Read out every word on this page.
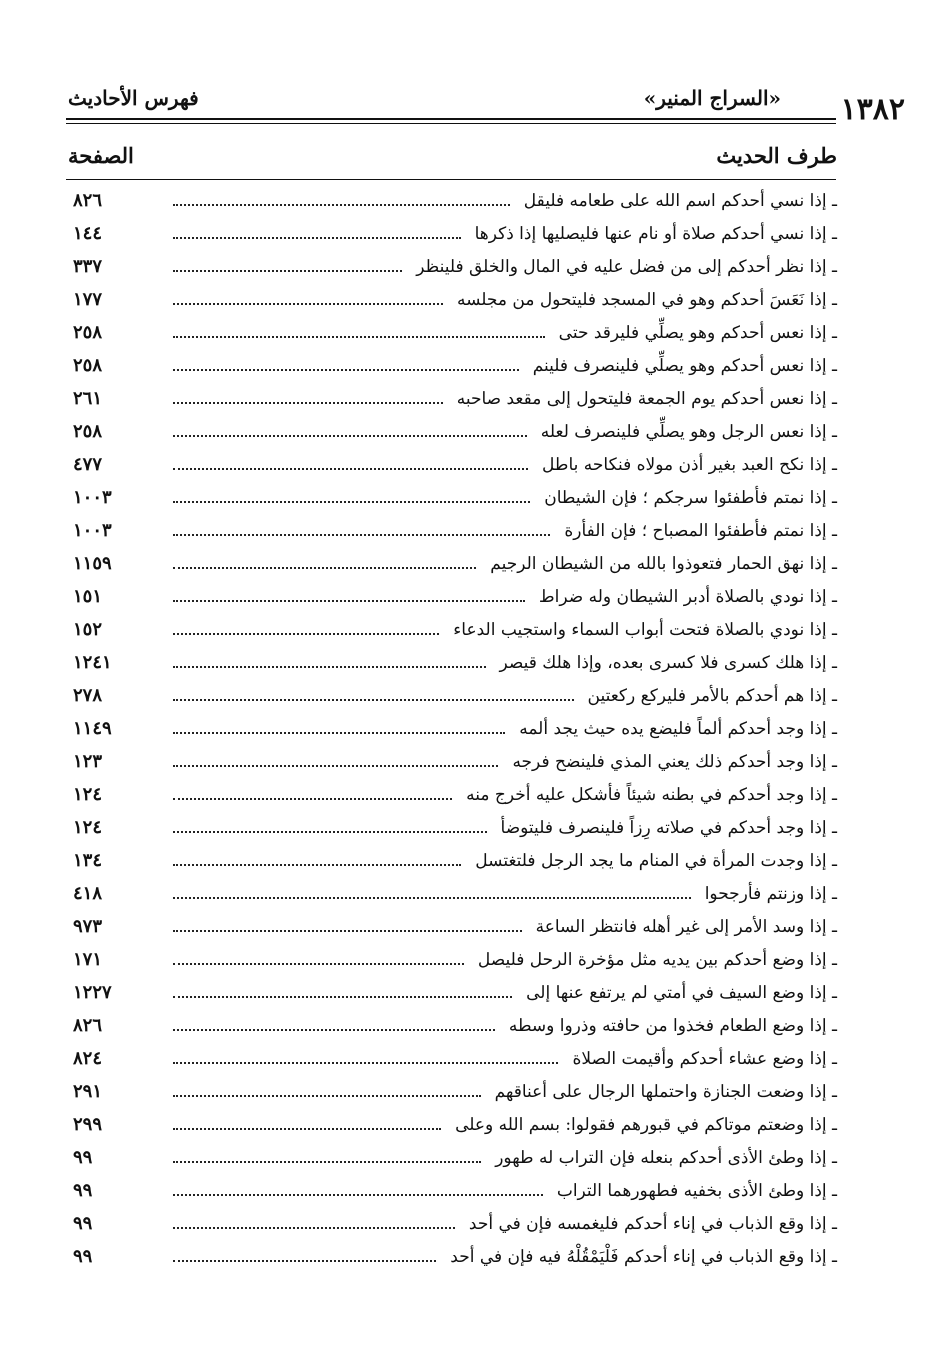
١٣٨٢
«السراج المنير»
فهرس الأحاديث
طرف الحديث
الصفحة
ـ إذا نسي أحدكم اسم الله على طعامه فليقل
٨٢٦
ـ إذا نسي أحدكم صلاة أو نام عنها فليصليها إذا ذكرها
١٤٤
ـ إذا نظر أحدكم إلى من فضل عليه في المال والخلق فلينظر
٣٣٧
ـ إذا نَعَسَ أحدكم وهو في المسجد فليتحول من مجلسه
١٧٧
ـ إذا نعس أحدكم وهو يصلِّي فليرقد حتى
٢٥٨
ـ إذا نعس أحدكم وهو يصلِّي فلينصرف فلينم
٢٥٨
ـ إذا نعس أحدكم يوم الجمعة فليتحول إلى مقعد صاحبه
٢٦١
ـ إذا نعس الرجل وهو يصلِّي فلينصرف لعله
٢٥٨
ـ إذا نكح العبد بغير أذن مولاه فنكاحه باطل
٤٧٧
ـ إذا نمتم فأطفئوا سرجكم ؛ فإن الشيطان
١٠٠٣
ـ إذا نمتم فأطفئوا المصباح ؛ فإن الفأرة
١٠٠٣
ـ إذا نهق الحمار فتعوذوا بالله من الشيطان الرجيم
١١٥٩
ـ إذا نودي بالصلاة أدبر الشيطان وله ضراط
١٥١
ـ إذا نودي بالصلاة فتحت أبواب السماء واستجيب الدعاء
١٥٢
ـ إذا هلك كسرى فلا كسرى بعده، وإذا هلك قيصر
١٢٤١
ـ إذا هم أحدكم بالأمر فليركع ركعتين
٢٧٨
ـ إذا وجد أحدكم ألماً فليضع يده حيث يجد ألمه
١١٤٩
ـ إذا وجد أحدكم ذلك يعني المذي فلينضح فرجه
١٢٣
ـ إذا وجد أحدكم في بطنه شيئاً فأشكل عليه أخرج منه
١٢٤
ـ إذا وجد أحدكم في صلاته رِزاً فلينصرف فليتوضأ
١٢٤
ـ إذا وجدت المرأة في المنام ما يجد الرجل فلتغتسل
١٣٤
ـ إذا وزنتم فأرجحوا
٤١٨
ـ إذا وسد الأمر إلى غير أهله فانتظر الساعة
٩٧٣
ـ إذا وضع أحدكم بين يديه مثل مؤخرة الرحل فليصل
١٧١
ـ إذا وضع السيف في أمتي لم يرتفع عنها إلى
١٢٢٧
ـ إذا وضع الطعام فخذوا من حافته وذروا وسطه
٨٢٦
ـ إذا وضع عشاء أحدكم وأقيمت الصلاة
٨٢٤
ـ إذا وضعت الجنازة واحتملها الرجال على أعناقهم
٢٩١
ـ إذا وضعتم موتاكم في قبورهم فقولوا: بسم الله وعلى
٢٩٩
ـ إذا وطئ الأذى أحدكم بنعله فإن التراب له طهور
٩٩
ـ إذا وطئ الأذى بخفيه فطهورهما التراب
٩٩
ـ إذا وقع الذباب في إناء أحدكم فليغمسه فإن في أحد
٩٩
ـ إذا وقع الذباب في إناء أحدكم فَلْيَمْقُلْهُ فيه فإن في أحد
٩٩
